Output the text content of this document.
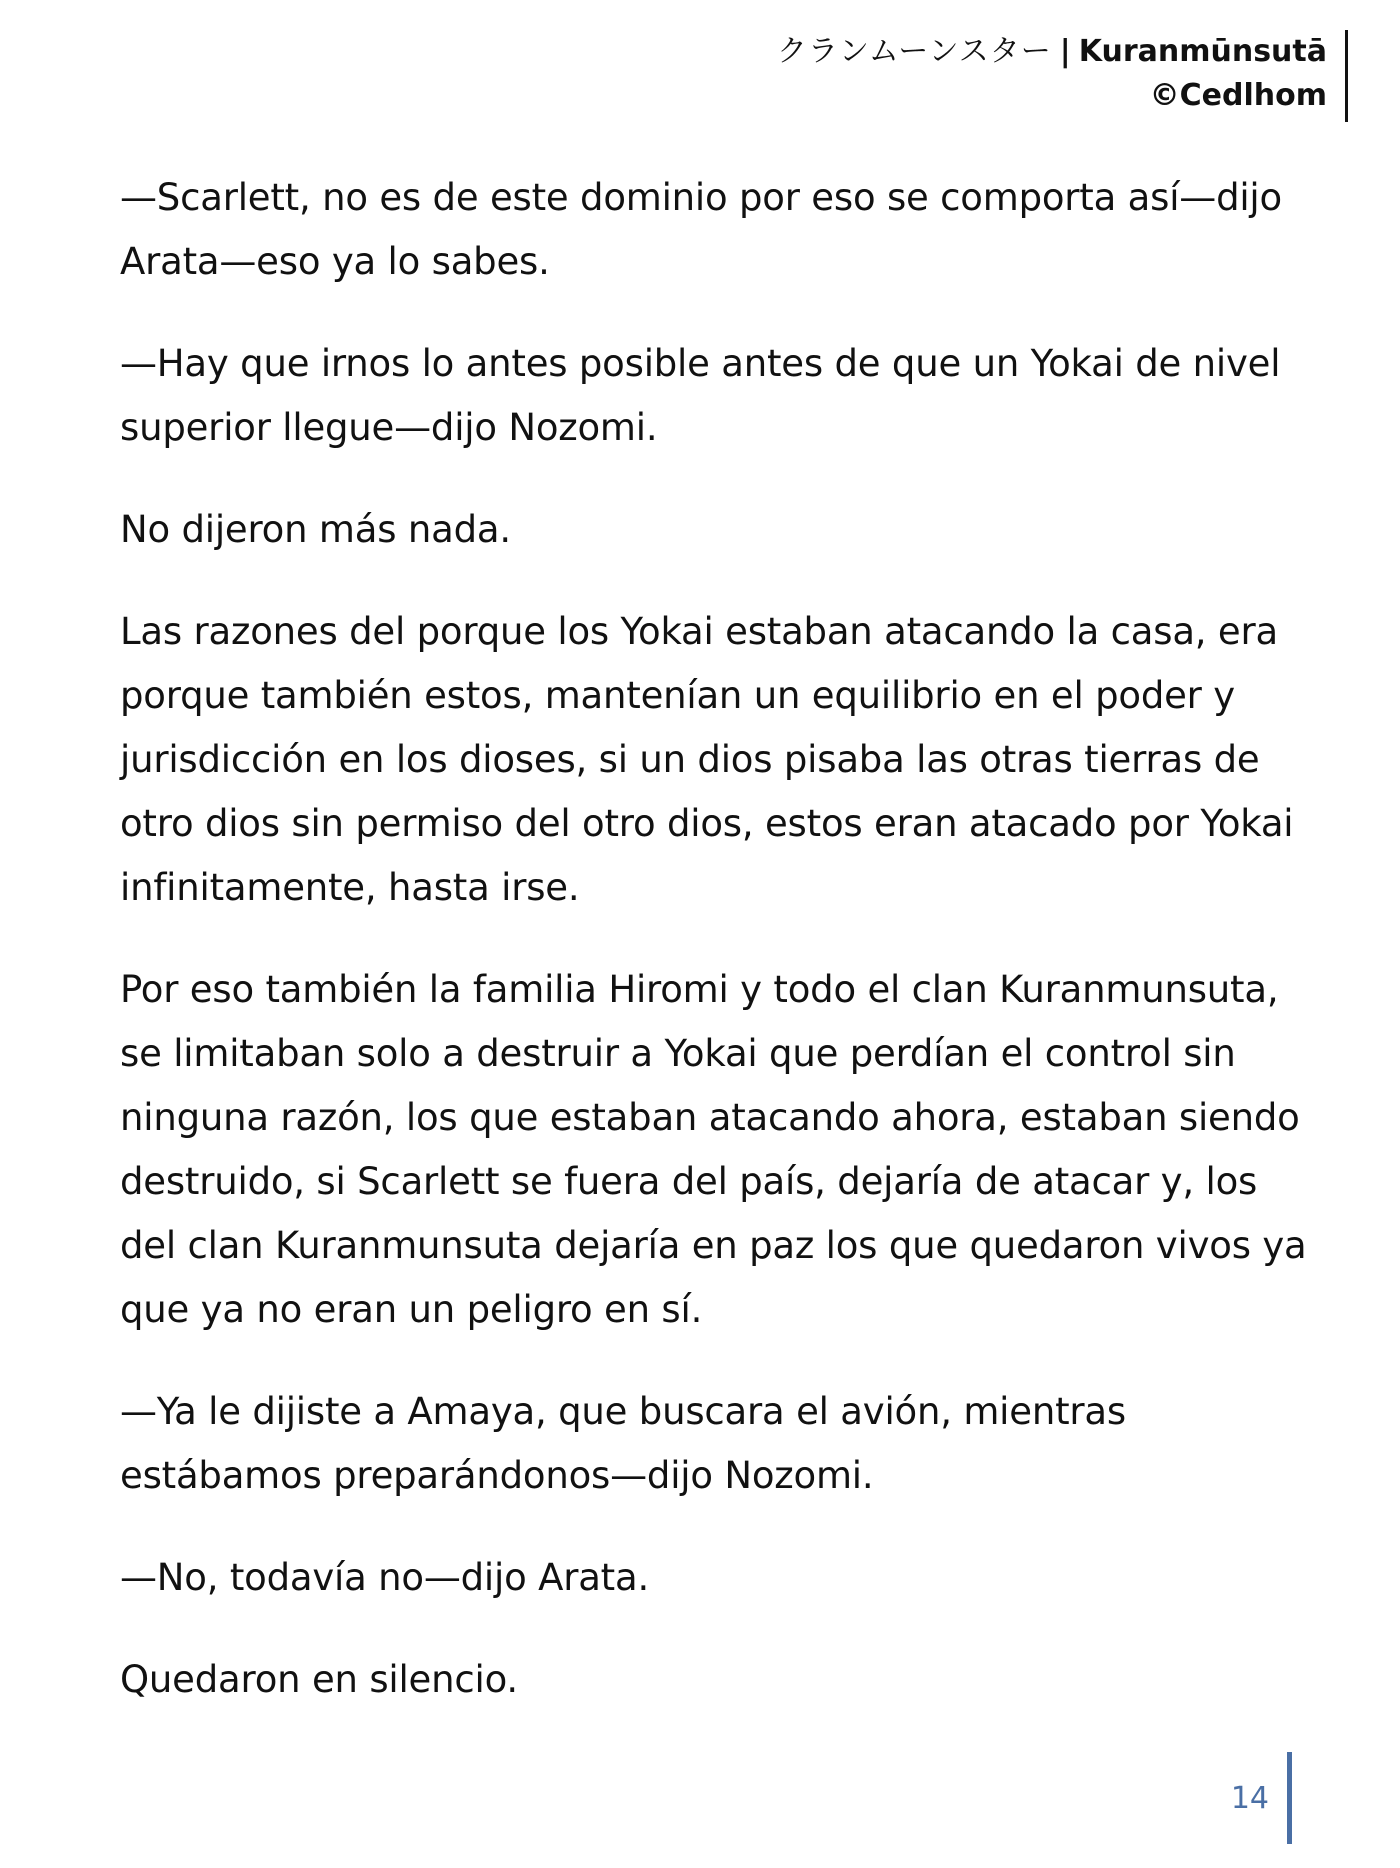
クランムーンスター | Kuranmūnsutā
©Cedlhom

—Scarlett, no es de este dominio por eso se comporta así—dijo Arata—eso ya lo sabes.

—Hay que irnos lo antes posible antes de que un Yokai de nivel superior llegue—dijo Nozomi.

No dijeron más nada.

Las razones del porque los Yokai estaban atacando la casa, era porque también estos, mantenían un equilibrio en el poder y jurisdicción en los dioses, si un dios pisaba las otras tierras de otro dios sin permiso del otro dios, estos eran atacado por Yokai infinitamente, hasta irse.

Por eso también la familia Hiromi y todo el clan Kuranmunsuta, se limitaban solo a destruir a Yokai que perdían el control sin ninguna razón, los que estaban atacando ahora, estaban siendo destruido, si Scarlett se fuera del país, dejaría de atacar y, los del clan Kuranmunsuta dejaría en paz los que quedaron vivos ya que ya no eran un peligro en sí.

—Ya le dijiste a Amaya, que buscara el avión, mientras estábamos preparándonos—dijo Nozomi.

—No, todavía no—dijo Arata.

Quedaron en silencio.

14
